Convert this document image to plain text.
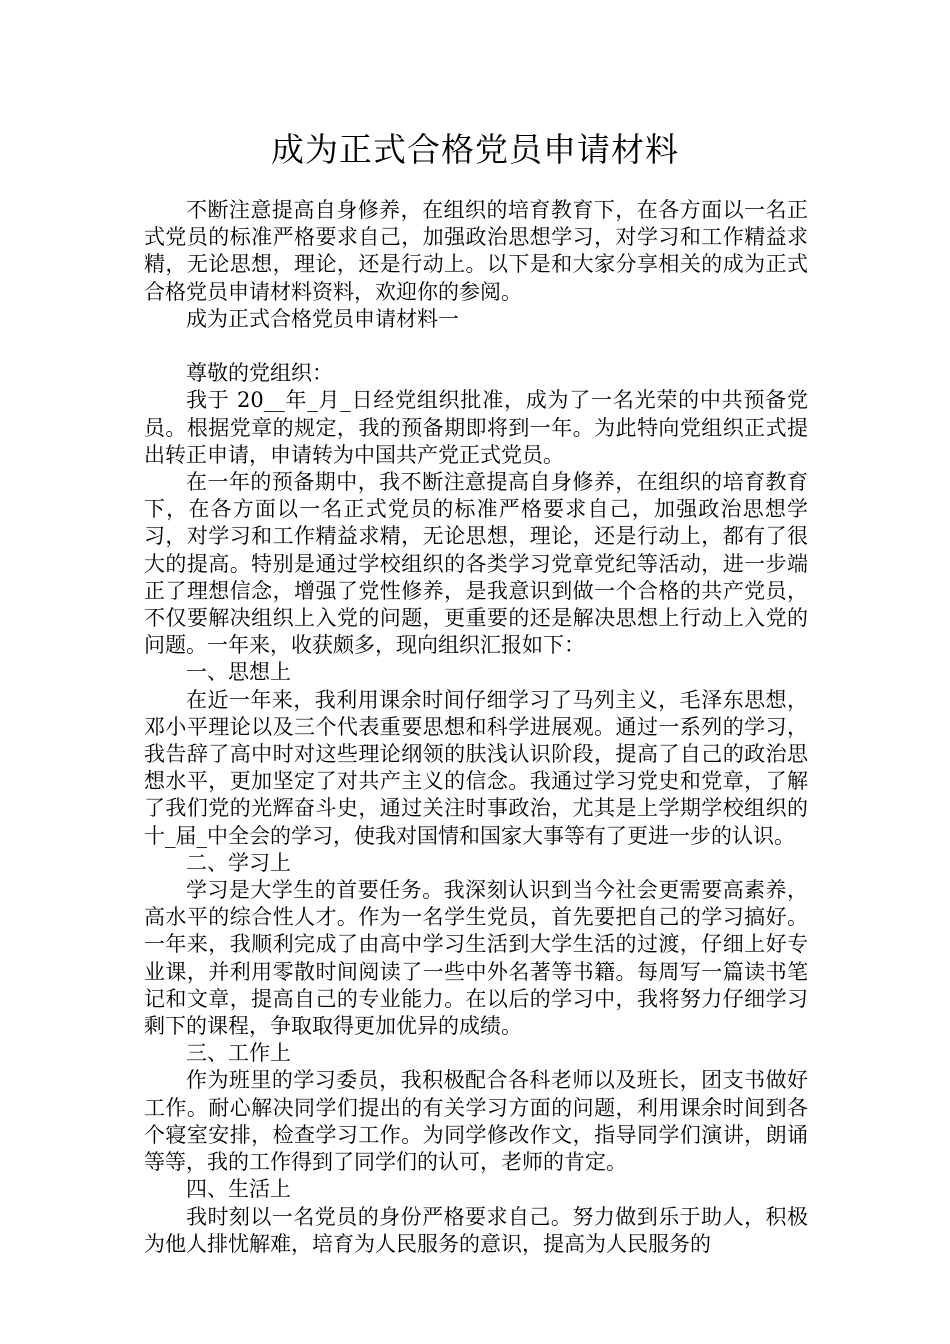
成为正式合格党员申请材料

不断注意提高自身修养，在组织的培育教育下，在各方面以一名正式党员的标准严格要求自己，加强政治思想学习，对学习和工作精益求精，无论思想，理论，还是行动上。以下是和大家分享相关的成为正式合格党员申请材料资料，欢迎你的参阅。

成为正式合格党员申请材料一

尊敬的党组织：

我于 20__年_月_日经党组织批准，成为了一名光荣的中共预备党员。根据党章的规定，我的预备期即将到一年。为此特向党组织正式提出转正申请，申请转为中国共产党正式党员。

在一年的预备期中，我不断注意提高自身修养，在组织的培育教育下，在各方面以一名正式党员的标准严格要求自己，加强政治思想学习，对学习和工作精益求精，无论思想，理论，还是行动上，都有了很大的提高。特别是通过学校组织的各类学习党章党纪等活动，进一步端正了理想信念，增强了党性修养，是我意识到做一个合格的共产党员，不仅要解决组织上入党的问题，更重要的还是解决思想上行动上入党的问题。一年来，收获颇多，现向组织汇报如下：

一、思想上

在近一年来，我利用课余时间仔细学习了马列主义，毛泽东思想，邓小平理论以及三个代表重要思想和科学进展观。通过一系列的学习，我告辞了高中时对这些理论纲领的肤浅认识阶段，提高了自己的政治思想水平，更加坚定了对共产主义的信念。我通过学习党史和党章，了解了我们党的光辉奋斗史，通过关注时事政治，尤其是上学期学校组织的十_届_中全会的学习，使我对国情和国家大事等有了更进一步的认识。

二、学习上

学习是大学生的首要任务。我深刻认识到当今社会更需要高素养，高水平的综合性人才。作为一名学生党员，首先要把自己的学习搞好。一年来，我顺利完成了由高中学习生活到大学生活的过渡，仔细上好专业课，并利用零散时间阅读了一些中外名著等书籍。每周写一篇读书笔记和文章，提高自己的专业能力。在以后的学习中，我将努力仔细学习剩下的课程，争取取得更加优异的成绩。

三、工作上

作为班里的学习委员，我积极配合各科老师以及班长，团支书做好工作。耐心解决同学们提出的有关学习方面的问题，利用课余时间到各个寝室安排，检查学习工作。为同学修改作文，指导同学们演讲，朗诵等等，我的工作得到了同学们的认可，老师的肯定。

四、生活上

我时刻以一名党员的身份严格要求自己。努力做到乐于助人，积极为他人排忧解难，培育为人民服务的意识，提高为人民服务的
